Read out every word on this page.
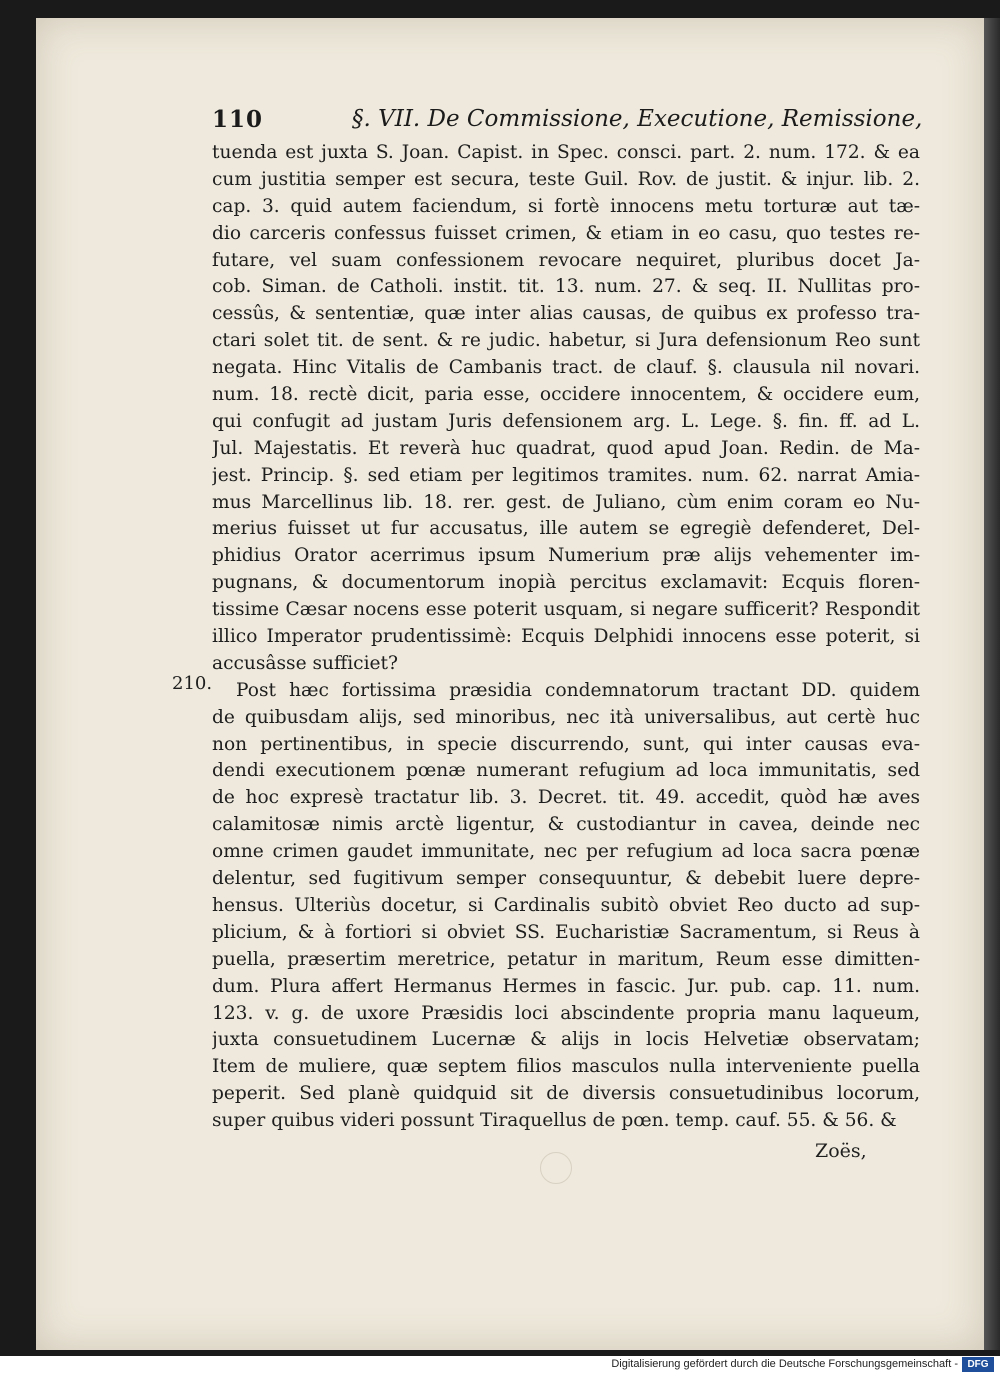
110	§. VII. De Commissione, Executione, Remissione,
210.
tuenda est juxta S. Joan. Capist. in Spec. consci. part. 2. num. 172. & ea
cum justitia semper est secura, teste Guil. Rov. de justit. & injur. lib. 2.
cap. 3. quid autem faciendum, si fortè innocens metu torturæ aut tæ-
dio carceris confessus fuisset crimen, & etiam in eo casu, quo testes re-
futare, vel suam confessionem revocare nequiret, pluribus docet Ja-
cob. Siman. de Catholi. instit. tit. 13. num. 27. & seq. II. Nullitas pro-
cessûs, & sententiæ, quæ inter alias causas, de quibus ex professo tra-
ctari solet tit. de sent. & re judic. habetur, si Jura defensionum Reo sunt
negata. Hinc Vitalis de Cambanis tract. de clauf. §. clausula nil novari.
num. 18. rectè dicit, paria esse, occidere innocentem, & occidere eum,
qui confugit ad justam Juris defensionem arg. L. Lege. §. fin. ff. ad L.
Jul. Majestatis. Et reverà huc quadrat, quod apud Joan. Redin. de Ma-
jest. Princip. §. sed etiam per legitimos tramites. num. 62. narrat Amia-
mus Marcellinus lib. 18. rer. gest. de Juliano, cùm enim coram eo Nu-
merius fuisset ut fur accusatus, ille autem se egregiè defenderet, Del-
phidius Orator acerrimus ipsum Numerium præ alijs vehementer im-
pugnans, & documentorum inopià percitus exclamavit: Ecquis floren-
tissime Cæsar nocens esse poterit usquam, si negare sufficerit? Respondit
illico Imperator prudentissimè: Ecquis Delphidi innocens esse poterit, si
accusâsse sufficiet?
Post hæc fortissima præsidia condemnatorum tractant DD. quidem
de quibusdam alijs, sed minoribus, nec ità universalibus, aut certè huc
non pertinentibus, in specie discurrendo, sunt, qui inter causas eva-
dendi executionem pœnæ numerant refugium ad loca immunitatis, sed
de hoc expresè tractatur lib. 3. Decret. tit. 49. accedit, quòd hæ aves
calamitosæ nimis arctè ligentur, & custodiantur in cavea, deinde nec
omne crimen gaudet immunitate, nec per refugium ad loca sacra pœnæ
delentur, sed fugitivum semper consequuntur, & debebit luere depre-
hensus. Ulteriùs docetur, si Cardinalis subitò obviet Reo ducto ad sup-
plicium, & à fortiori si obviet SS. Eucharistiæ Sacramentum, si Reus à
puella, præsertim meretrice, petatur in maritum, Reum esse dimitten-
dum. Plura affert Hermanus Hermes in fascic. Jur. pub. cap. 11. num.
123. v. g. de uxore Præsidis loci abscindente propria manu laqueum,
juxta consuetudinem Lucernæ & alijs in locis Helvetiæ observatam;
Item de muliere, quæ septem filios masculos nulla interveniente puella
peperit. Sed planè quidquid sit de diversis consuetudinibus locorum,
super quibus videri possunt Tiraquellus de pœn. temp. cauf. 55. & 56. &
Zoës,
Digitalisierung gefördert durch die Deutsche Forschungsgemeinschaft - DFG
